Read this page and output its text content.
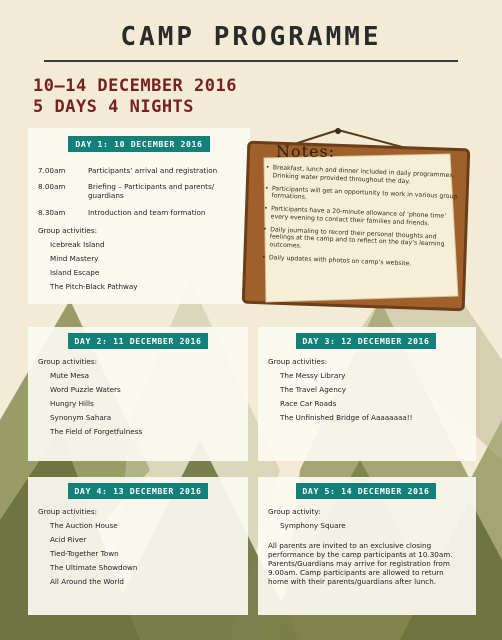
CAMP PROGRAMME
10–14 DECEMBER 2016
5 DAYS 4 NIGHTS
DAY 1: 10 DECEMBER 2016
7.00am	Participants’ arrival and registration
8.00am	Briefing – Participants and parents/ guardians
8.30am	Introduction and team formation
Group activities:
Icebreak Island
Mind Mastery
Island Escape
The Pitch-Black Pathway
Notes:
• Breakfast, lunch and dinner included in daily programmes. Drinking water provided throughout the day.
• Participants will get an opportunity to work in various group formations.
• Participants have a 20-minute allowance of ‘phone time’ every evening to contact their families and friends.
• Daily journaling to record their personal thoughts and feelings at the camp and to reflect on the day’s learning outcomes.
• Daily updates with photos on camp’s website.
DAY 2: 11 DECEMBER 2016
Group activities:
Mute Mesa
Word Puzzle Waters
Hungry Hills
Synonym Sahara
The Field of Forgetfulness
DAY 3: 12 DECEMBER 2016
Group activities:
The Messy Library
The Travel Agency
Race Car Roads
The Unfinished Bridge of Aaaaaaaa!!
DAY 4: 13 DECEMBER 2016
Group activities:
The Auction House
Acid River
Tied-Together Town
The Ultimate Showdown
All Around the World
DAY 5: 14 DECEMBER 2016
Group activity:
Symphony Square
All parents are invited to an exclusive closing performance by the camp participants at 10.30am. Parents/Guardians may arrive for registration from 9.00am. Camp participants are allowed to return home with their parents/guardians after lunch.
